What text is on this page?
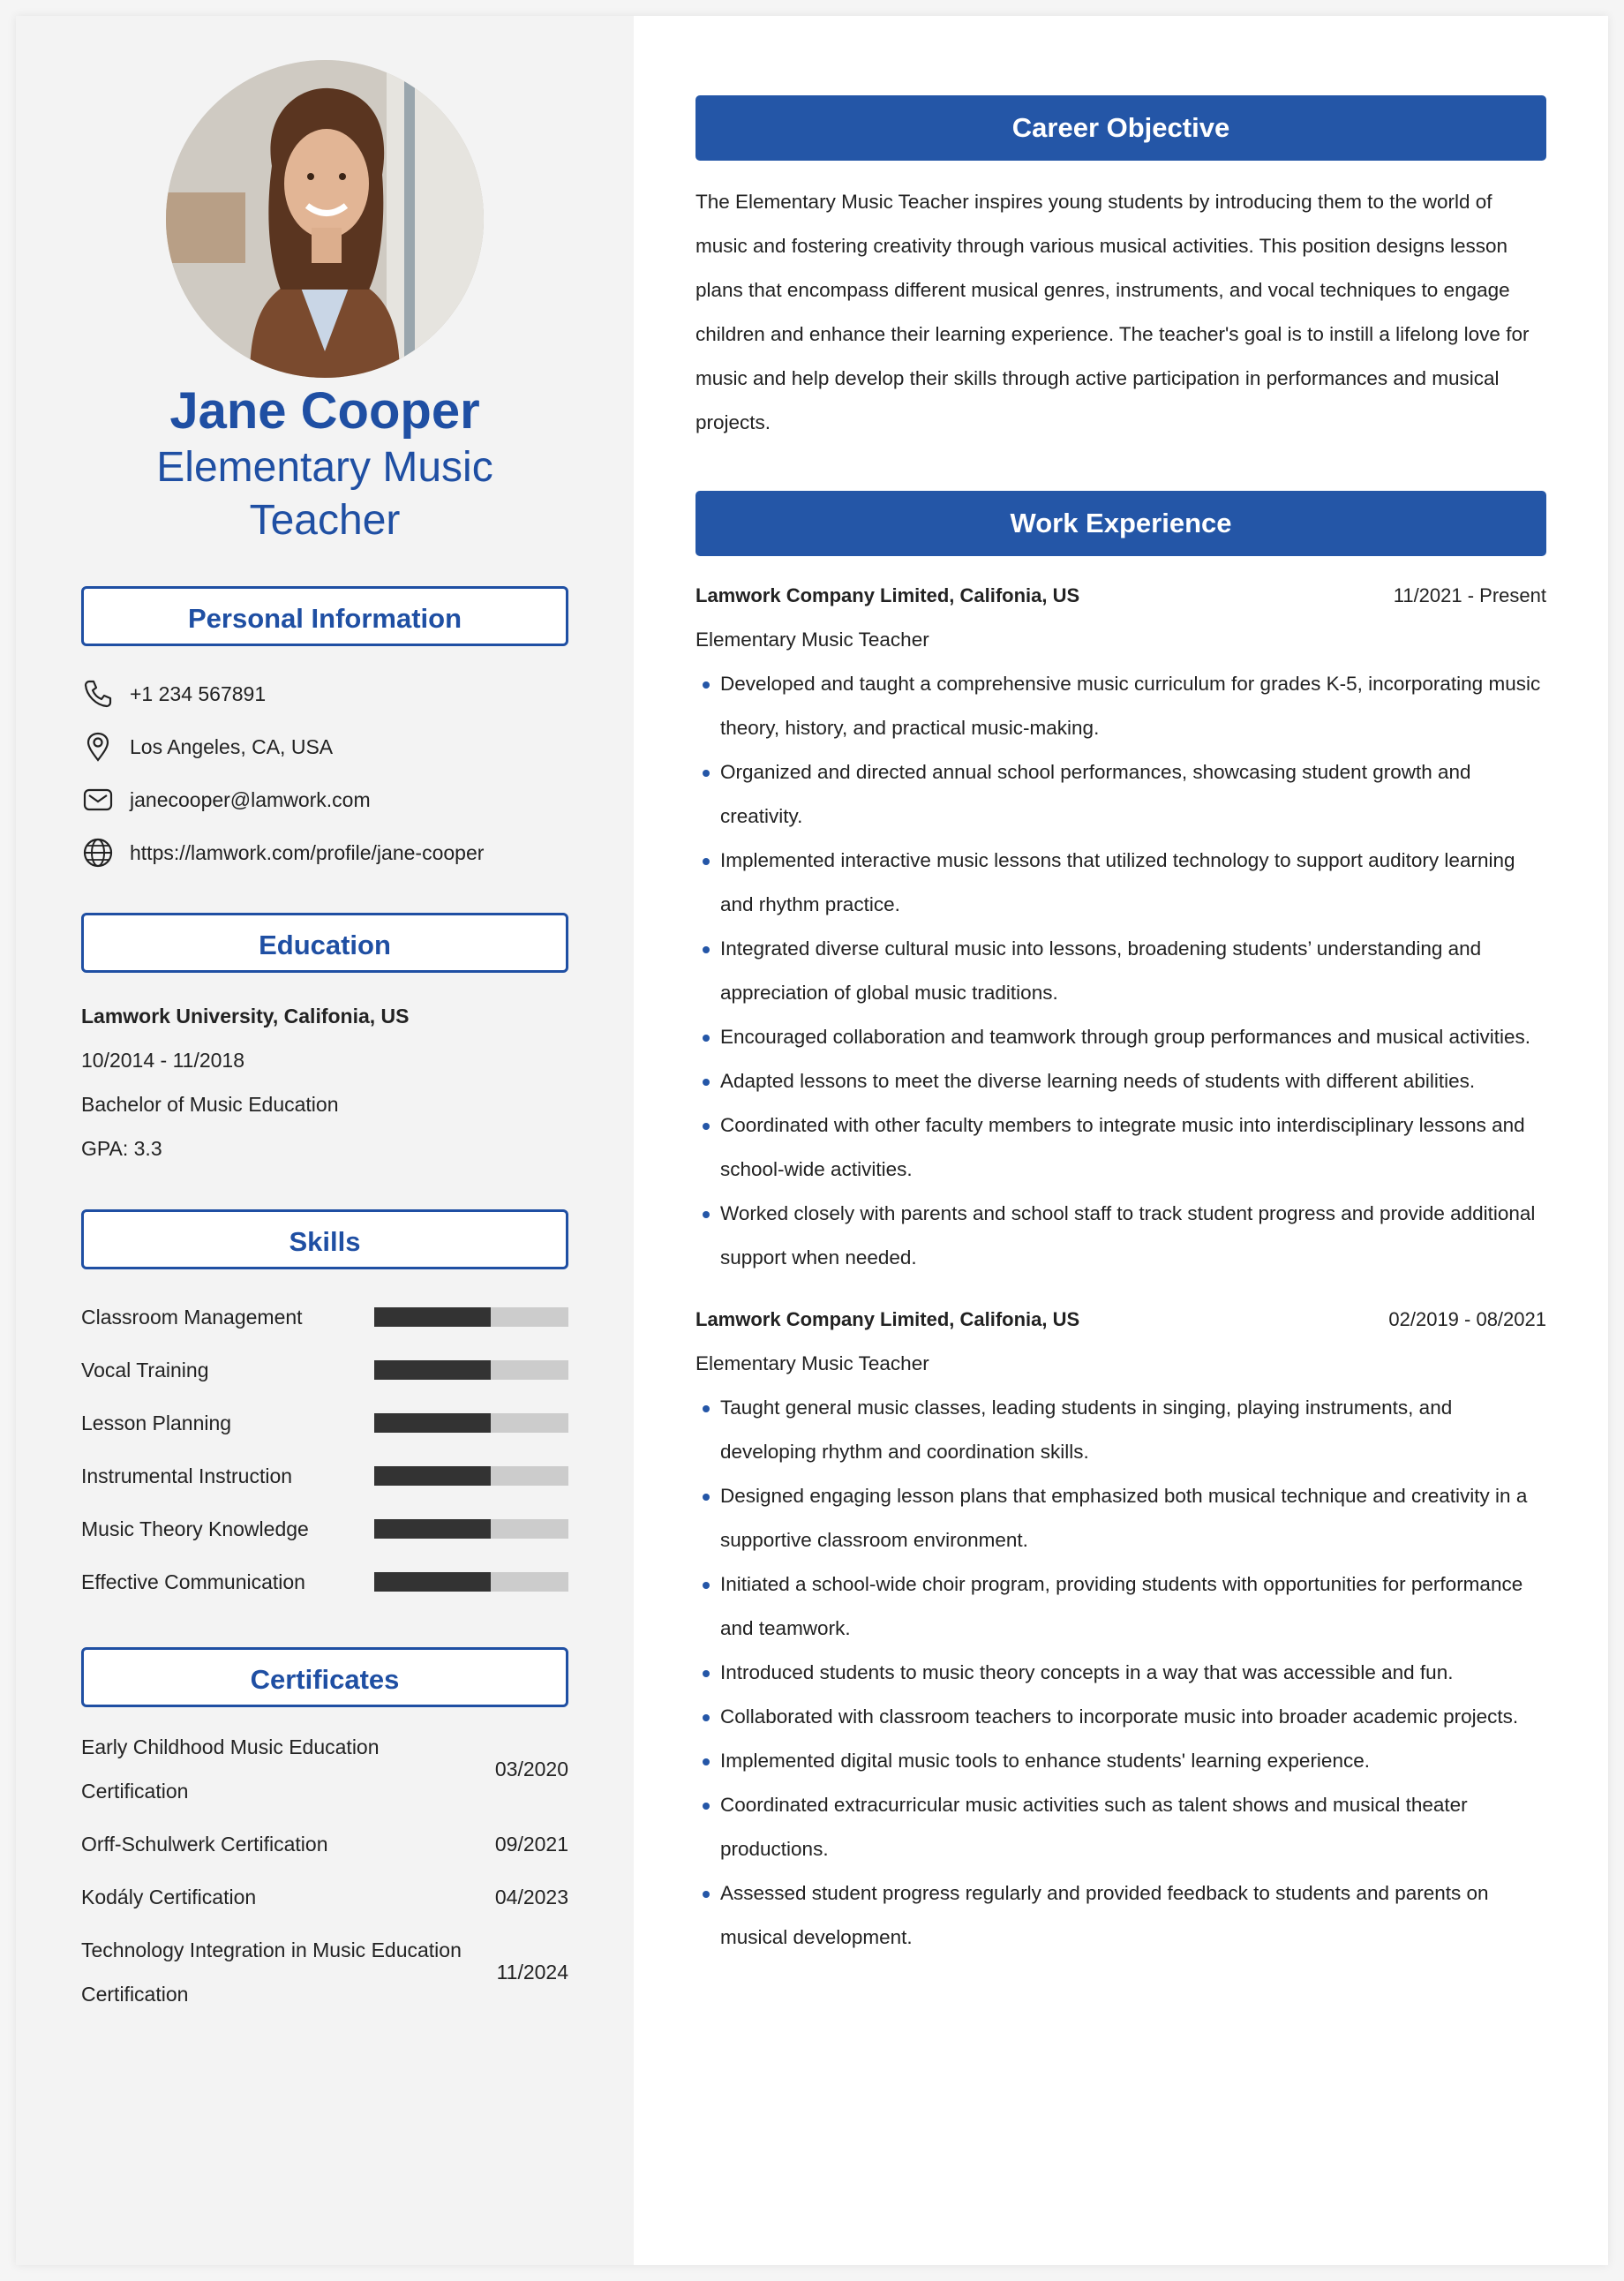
Jane Cooper
Elementary Music Teacher
Personal Information
+1 234 567891
Los Angeles, CA, USA
janecooper@lamwork.com
https://lamwork.com/profile/jane-cooper
Education
Lamwork University, Califonia, US
10/2014 - 11/2018
Bachelor of Music Education
GPA: 3.3
Skills
Classroom Management
Vocal Training
Lesson Planning
Instrumental Instruction
Music Theory Knowledge
Effective Communication
Certificates
Early Childhood Music Education Certification
03/2020
Orff-Schulwerk Certification	09/2021
Kodály Certification	04/2023
Technology Integration in Music Education Certification
11/2024
Career Objective
The Elementary Music Teacher inspires young students by introducing them to the world of music and fostering creativity through various musical activities. This position designs lesson plans that encompass different musical genres, instruments, and vocal techniques to engage children and enhance their learning experience. The teacher's goal is to instill a lifelong love for music and help develop their skills through active participation in performances and musical projects.
Work Experience
Lamwork Company Limited, Califonia, US	11/2021 - Present
Elementary Music Teacher
Developed and taught a comprehensive music curriculum for grades K-5, incorporating music theory, history, and practical music-making.
Organized and directed annual school performances, showcasing student growth and creativity.
Implemented interactive music lessons that utilized technology to support auditory learning and rhythm practice.
Integrated diverse cultural music into lessons, broadening students’ understanding and appreciation of global music traditions.
Encouraged collaboration and teamwork through group performances and musical activities.
Adapted lessons to meet the diverse learning needs of students with different abilities.
Coordinated with other faculty members to integrate music into interdisciplinary lessons and school-wide activities.
Worked closely with parents and school staff to track student progress and provide additional support when needed.
Lamwork Company Limited, Califonia, US	02/2019 - 08/2021
Elementary Music Teacher
Taught general music classes, leading students in singing, playing instruments, and developing rhythm and coordination skills.
Designed engaging lesson plans that emphasized both musical technique and creativity in a supportive classroom environment.
Initiated a school-wide choir program, providing students with opportunities for performance and teamwork.
Introduced students to music theory concepts in a way that was accessible and fun.
Collaborated with classroom teachers to incorporate music into broader academic projects.
Implemented digital music tools to enhance students' learning experience.
Coordinated extracurricular music activities such as talent shows and musical theater productions.
Assessed student progress regularly and provided feedback to students and parents on musical development.
